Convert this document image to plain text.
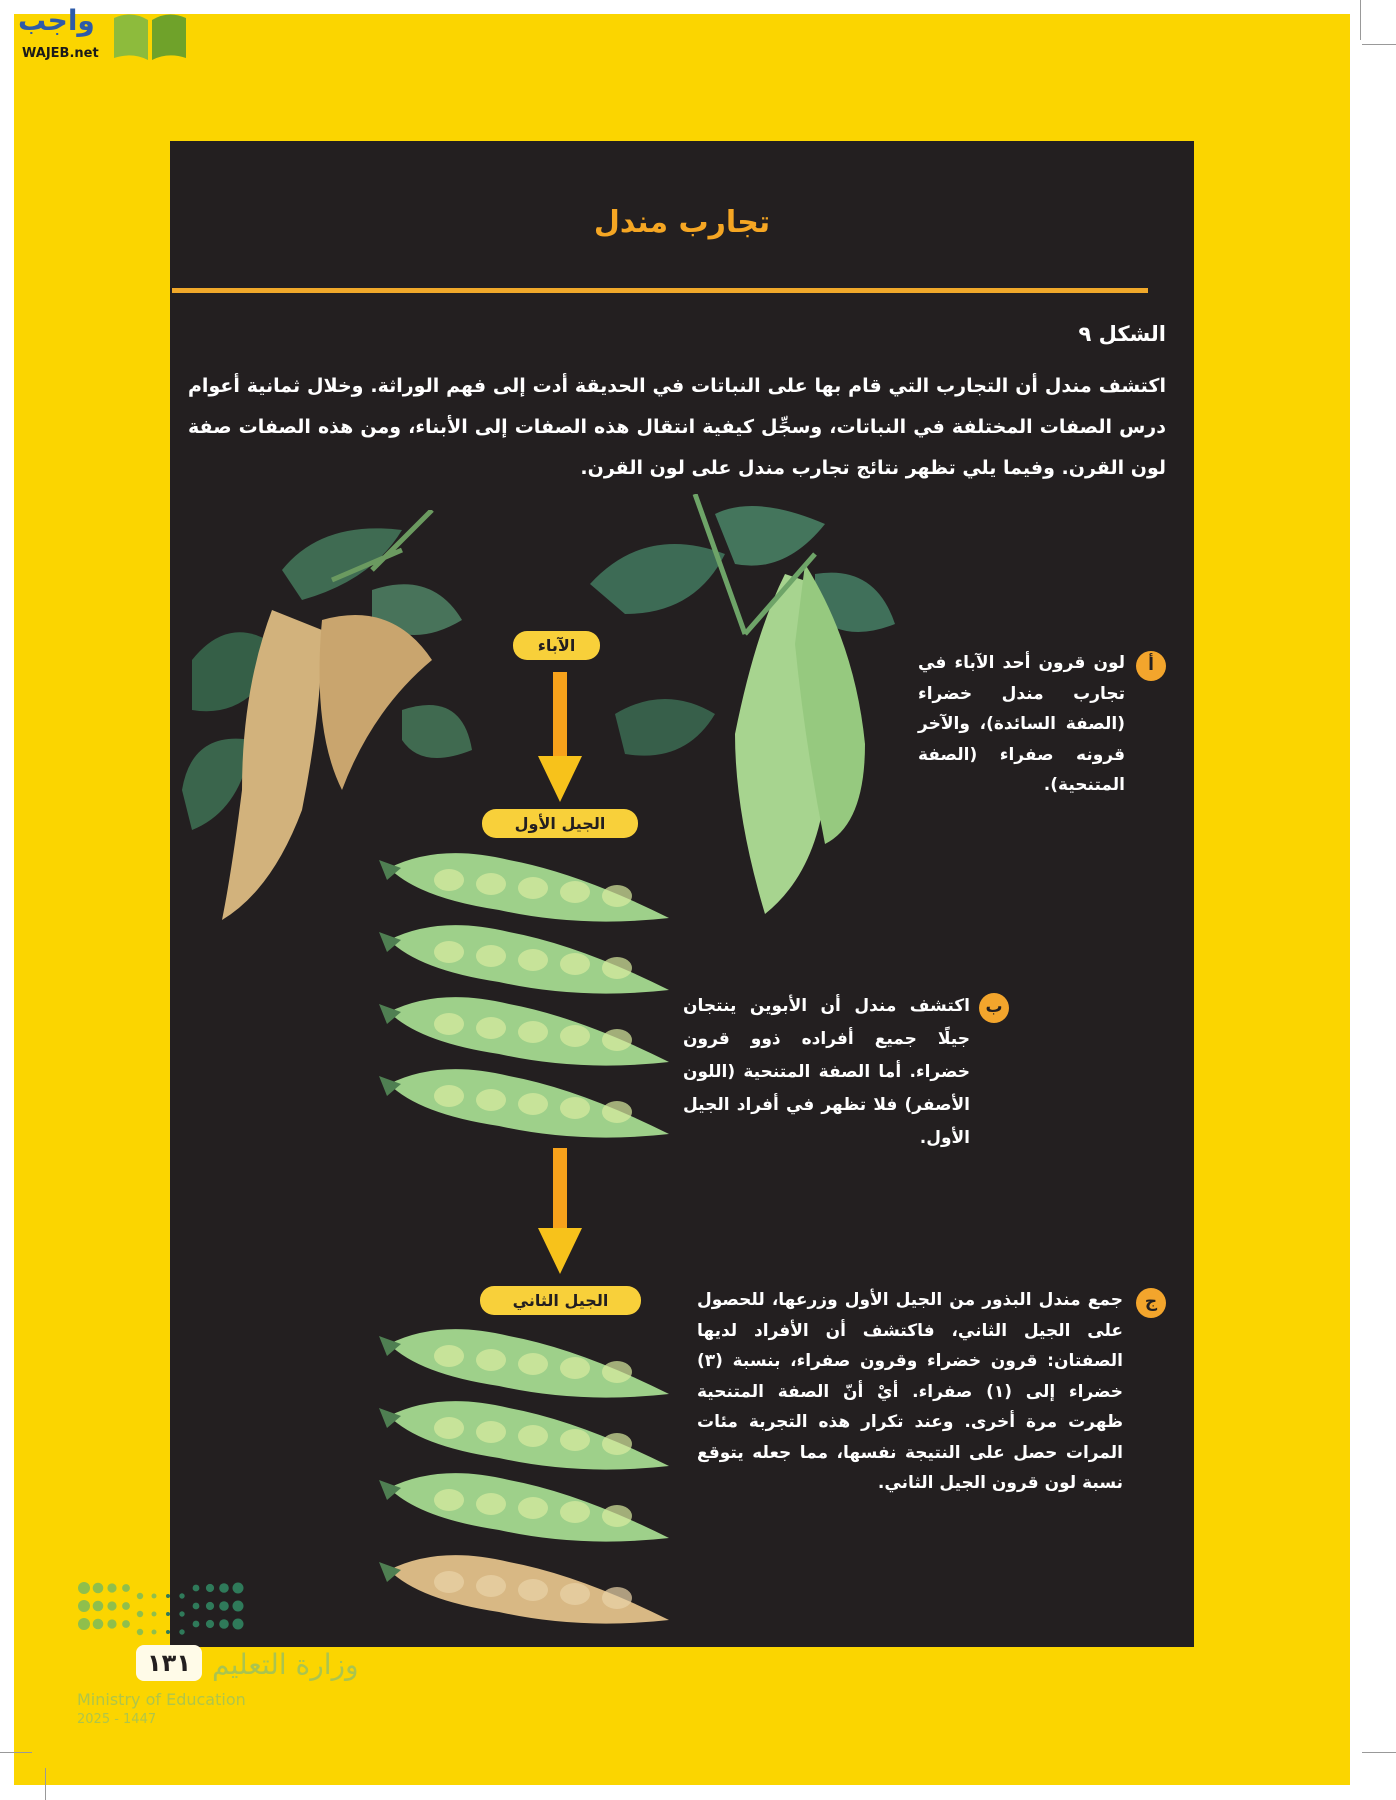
واجب
WAJEB.net
تجارب مندل
الشكل ٩
اكتشف مندل أن التجارب التي قام بها على النباتات في الحديقة أدت إلى فهم الوراثة. وخلال ثمانية أعوام درس الصفات المختلفة في النباتات، وسجِّل كيفية انتقال هذه الصفات إلى الأبناء، ومن هذه الصفات صفة لون القرن. وفيما يلي تظهر نتائج تجارب مندل على لون القرن.
الآباء
الجيل الأول
الجيل الثاني
أ
لون قرون أحد الآباء في تجارب مندل خضراء (الصفة السائدة)، والآخر قرونه صفراء (الصفة المتنحية).
ب
اكتشف مندل أن الأبوين ينتجان جيلًا جميع أفراده ذوو قرون خضراء. أما الصفة المتنحية (اللون الأصفر) فلا تظهر في أفراد الجيل الأول.
ج
جمع مندل البذور من الجيل الأول وزرعها، للحصول على الجيل الثاني، فاكتشف أن الأفراد لديها الصفتان: قرون خضراء وقرون صفراء، بنسبة (٣) خضراء إلى (١) صفراء. أيْ أنّ الصفة المتنحية ظهرت مرة أخرى. وعند تكرار هذه التجربة مئات المرات حصل على النتيجة نفسها، مما جعله يتوقع نسبة لون قرون الجيل الثاني.
١٣١ وزارة التعليم
Ministry of Education
2025 - 1447
